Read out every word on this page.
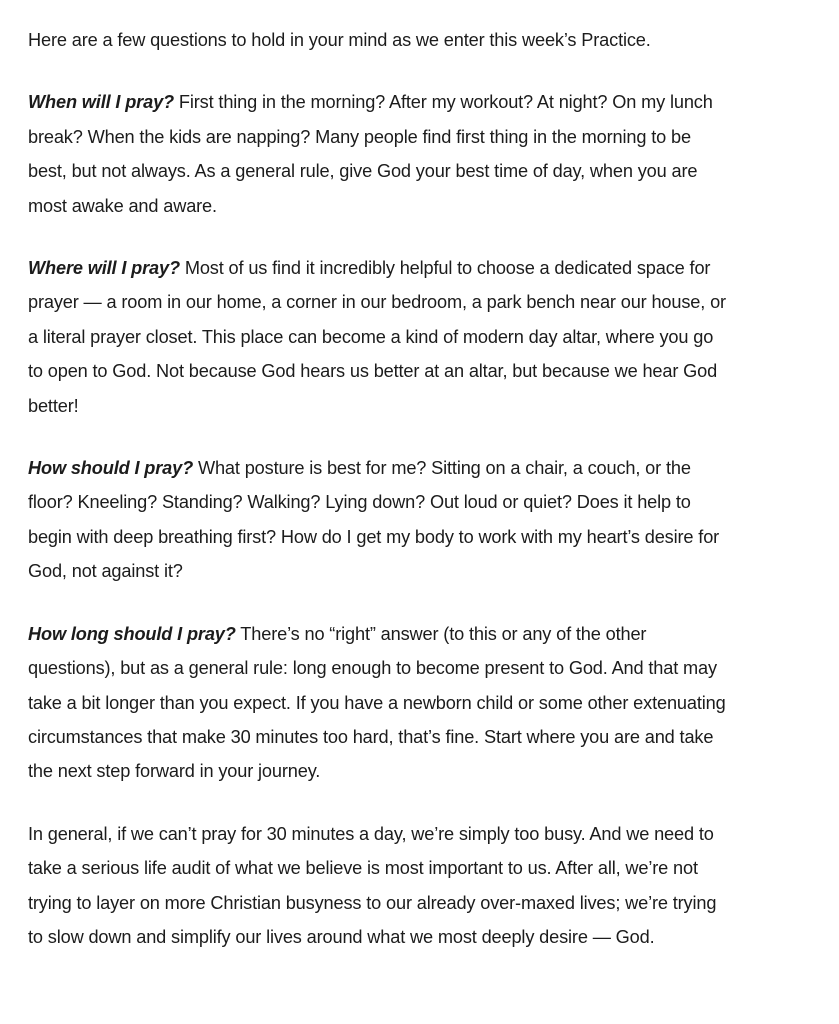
Here are a few questions to hold in your mind as we enter this week’s Practice.

When will I pray? First thing in the morning? After my workout? At night? On my lunch break? When the kids are napping? Many people find first thing in the morning to be best, but not always. As a general rule, give God your best time of day, when you are most awake and aware.

Where will I pray? Most of us find it incredibly helpful to choose a dedicated space for prayer — a room in our home, a corner in our bedroom, a park bench near our house, or a literal prayer closet. This place can become a kind of modern day altar, where you go to open to God. Not because God hears us better at an altar, but because we hear God better!

How should I pray? What posture is best for me? Sitting on a chair, a couch, or the floor? Kneeling? Standing? Walking? Lying down? Out loud or quiet? Does it help to begin with deep breathing first? How do I get my body to work with my heart’s desire for God, not against it?

How long should I pray? There’s no “right” answer (to this or any of the other questions), but as a general rule: long enough to become present to God. And that may take a bit longer than you expect. If you have a newborn child or some other extenuating circumstances that make 30 minutes too hard, that’s fine. Start where you are and take the next step forward in your journey.

In general, if we can’t pray for 30 minutes a day, we’re simply too busy. And we need to take a serious life audit of what we believe is most important to us. After all, we’re not trying to layer on more Christian busyness to our already over-maxed lives; we’re trying to slow down and simplify our lives around what we most deeply desire — God.
